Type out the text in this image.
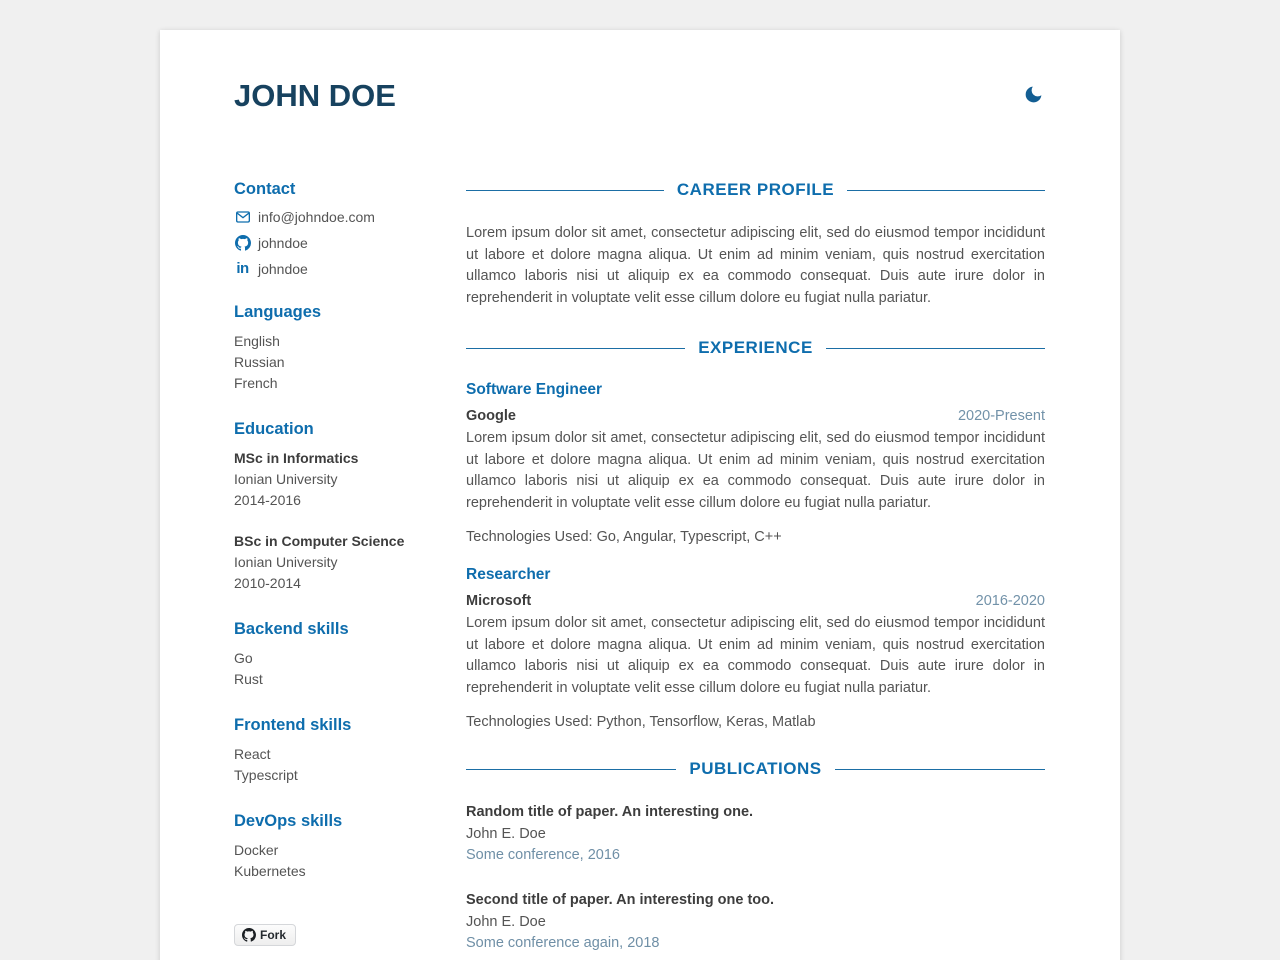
JOHN DOE
Contact
info@johndoe.com
johndoe
in johndoe
Languages
English
Russian
French
Education
MSc in Informatics
Ionian University
2014-2016
BSc in Computer Science
Ionian University
2010-2014
Backend skills
Go
Rust
Frontend skills
React
Typescript
DevOps skills
Docker
Kubernetes
Fork
CAREER PROFILE

Lorem ipsum dolor sit amet, consectetur adipiscing elit, sed do eiusmod tempor incididunt ut labore et dolore magna aliqua. Ut enim ad minim veniam, quis nostrud exercitation ullamco laboris nisi ut aliquip ex ea commodo consequat. Duis aute irure dolor in reprehenderit in voluptate velit esse cillum dolore eu fugiat nulla pariatur.

EXPERIENCE
Software Engineer
Google	2020-Present

Lorem ipsum dolor sit amet, consectetur adipiscing elit, sed do eiusmod tempor incididunt ut labore et dolore magna aliqua. Ut enim ad minim veniam, quis nostrud exercitation ullamco laboris nisi ut aliquip ex ea commodo consequat. Duis aute irure dolor in reprehenderit in voluptate velit esse cillum dolore eu fugiat nulla pariatur.

Technologies Used: Go, Angular, Typescript, C++
Researcher
Microsoft	2016-2020

Lorem ipsum dolor sit amet, consectetur adipiscing elit, sed do eiusmod tempor incididunt ut labore et dolore magna aliqua. Ut enim ad minim veniam, quis nostrud exercitation ullamco laboris nisi ut aliquip ex ea commodo consequat. Duis aute irure dolor in reprehenderit in voluptate velit esse cillum dolore eu fugiat nulla pariatur.

Technologies Used: Python, Tensorflow, Keras, Matlab
PUBLICATIONS
Random title of paper. An interesting one.
John E. Doe
Some conference, 2016
Second title of paper. An interesting one too.
John E. Doe
Some conference again, 2018
